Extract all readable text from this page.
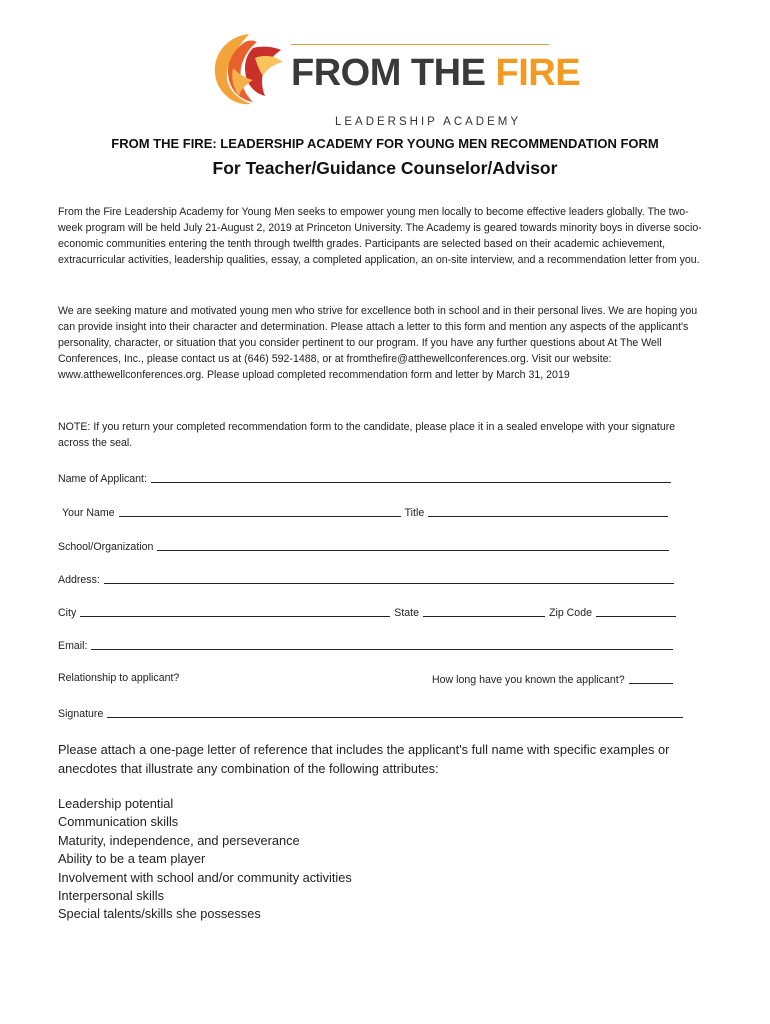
FROM THE FIRE
LEADERSHIP ACADEMY
FROM THE FIRE: LEADERSHIP ACADEMY FOR YOUNG MEN RECOMMENDATION FORM
For Teacher/Guidance Counselor/Advisor

From the Fire Leadership Academy for Young Men seeks to empower young men locally to become effective leaders globally. The two-week program will be held July 21-August 2, 2019 at Princeton University. The Academy is geared towards minority boys in diverse socio-economic communities entering the tenth through twelfth grades. Participants are selected based on their academic achievement, extracurricular activities, leadership qualities, essay, a completed application, an on-site interview, and a recommendation letter from you.

We are seeking mature and motivated young men who strive for excellence both in school and in their personal lives. We are hoping you can provide insight into their character and determination. Please attach a letter to this form and mention any aspects of the applicant's personality, character, or situation that you consider pertinent to our program. If you have any further questions about At The Well Conferences, Inc., please contact us at (646) 592-1488, or at fromthefire@atthewellconferences.org. Visit our website: www.atthewellconferences.org. Please upload completed recommendation form and letter by March 31, 2019

NOTE: If you return your completed recommendation form to the candidate, please place it in a sealed envelope with your signature across the seal.

Name of Applicant:
Your Name	Title
School/Organization
Address:
City	State	Zip Code
Email:
Relationship to applicant?	How long have you known the applicant?
Signature

Please attach a one-page letter of reference that includes the applicant's full name with specific examples or anecdotes that illustrate any combination of the following attributes:

Leadership potential
Communication skills
Maturity, independence, and perseverance
Ability to be a team player
Involvement with school and/or community activities
Interpersonal skills
Special talents/skills she possesses
